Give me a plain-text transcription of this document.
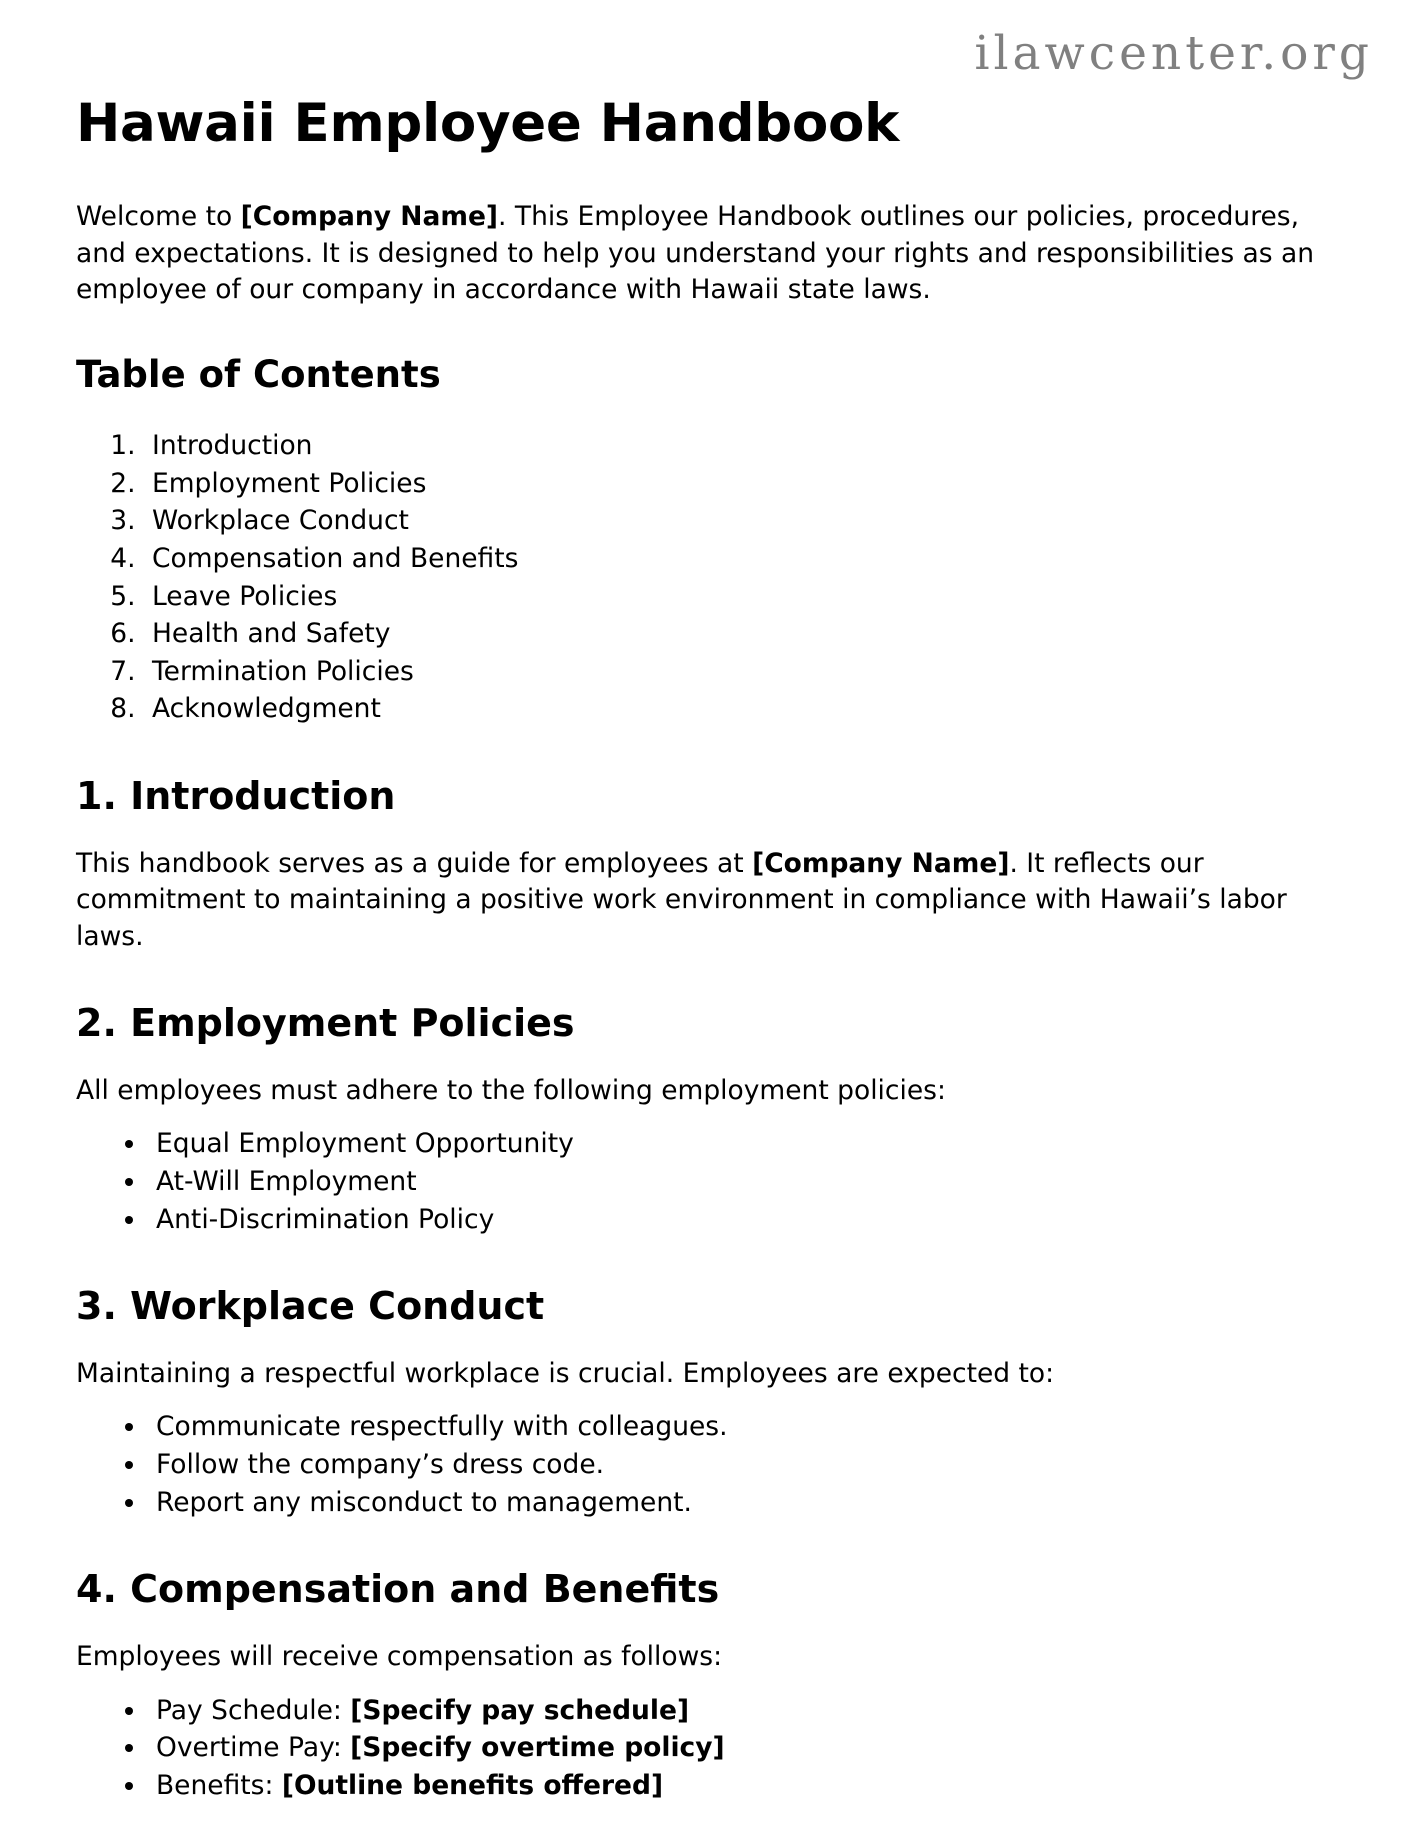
ilawcenter.org
Hawaii Employee Handbook

Welcome to [Company Name]. This Employee Handbook outlines our policies, procedures, and expectations. It is designed to help you understand your rights and responsibilities as an employee of our company in accordance with Hawaii state laws.

Table of Contents
1. Introduction
2. Employment Policies
3. Workplace Conduct
4. Compensation and Benefits
5. Leave Policies
6. Health and Safety
7. Termination Policies
8. Acknowledgment
1. Introduction

This handbook serves as a guide for employees at [Company Name]. It reflects our commitment to maintaining a positive work environment in compliance with Hawaii’s labor laws.

2. Employment Policies

All employees must adhere to the following employment policies:

• Equal Employment Opportunity
• At-Will Employment
• Anti-Discrimination Policy
3. Workplace Conduct

Maintaining a respectful workplace is crucial. Employees are expected to:

• Communicate respectfully with colleagues.
• Follow the company’s dress code.
• Report any misconduct to management.
4. Compensation and Benefits

Employees will receive compensation as follows:

• Pay Schedule: [Specify pay schedule]
• Overtime Pay: [Specify overtime policy]
• Benefits: [Outline benefits offered]
